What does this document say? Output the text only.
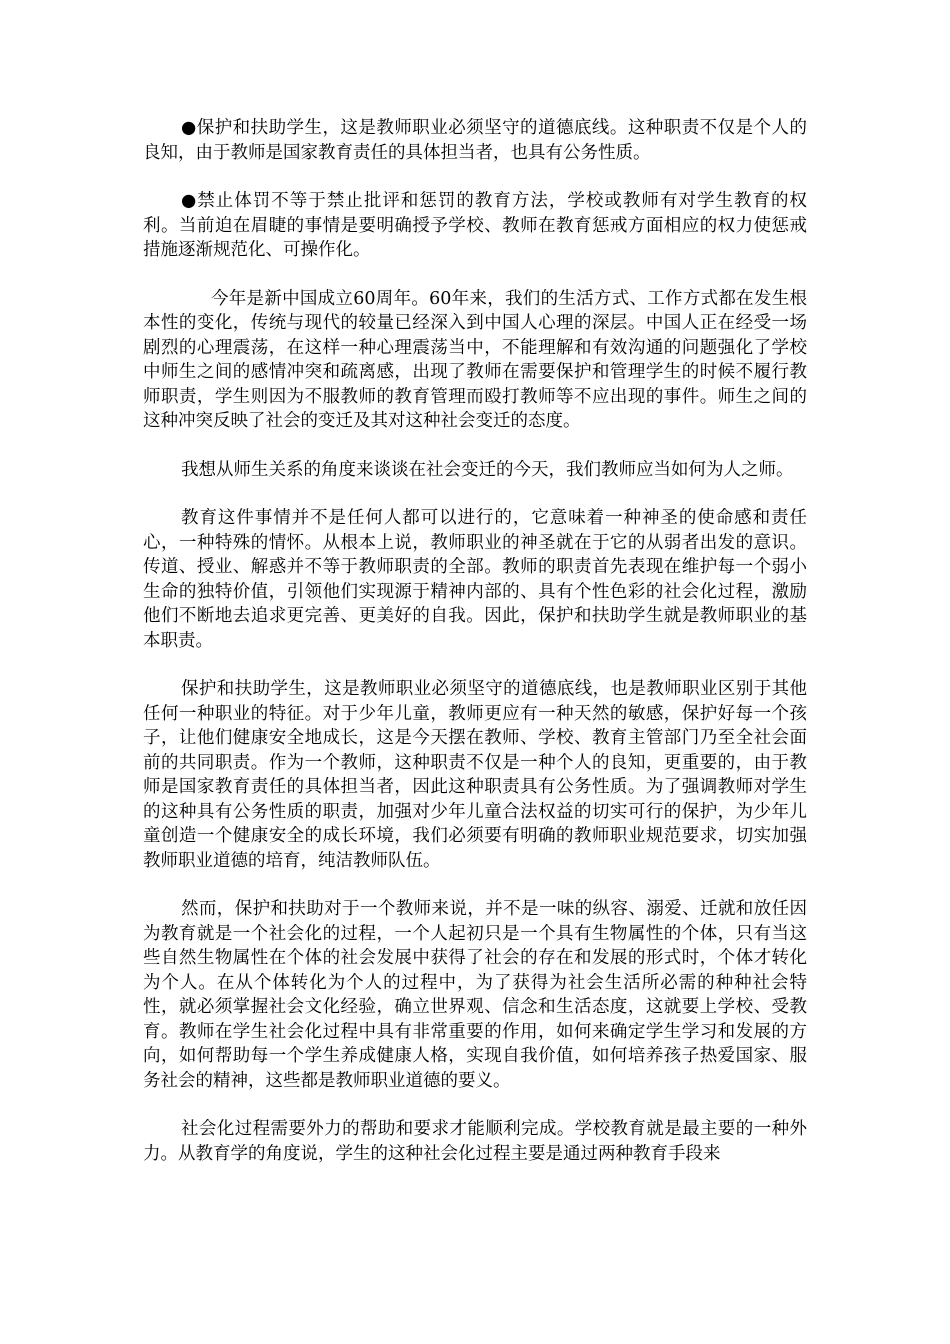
●保护和扶助学生，这是教师职业必须坚守的道德底线。这种职责不仅是个人的良知，由于教师是国家教育责任的具体担当者，也具有公务性质。

●禁止体罚不等于禁止批评和惩罚的教育方法，学校或教师有对学生教育的权利。当前迫在眉睫的事情是要明确授予学校、教师在教育惩戒方面相应的权力使惩戒措施逐渐规范化、可操作化。

今年是新中国成立60周年。60年来，我们的生活方式、工作方式都在发生根本性的变化，传统与现代的较量已经深入到中国人心理的深层。中国人正在经受一场剧烈的心理震荡，在这样一种心理震荡当中，不能理解和有效沟通的问题强化了学校中师生之间的感情冲突和疏离感，出现了教师在需要保护和管理学生的时候不履行教师职责，学生则因为不服教师的教育管理而殴打教师等不应出现的事件。师生之间的这种冲突反映了社会的变迁及其对这种社会变迁的态度。

我想从师生关系的角度来谈谈在社会变迁的今天，我们教师应当如何为人之师。

教育这件事情并不是任何人都可以进行的，它意味着一种神圣的使命感和责任心，一种特殊的情怀。从根本上说，教师职业的神圣就在于它的从弱者出发的意识。传道、授业、解惑并不等于教师职责的全部。教师的职责首先表现在维护每一个弱小生命的独特价值，引领他们实现源于精神内部的、具有个性色彩的社会化过程，激励他们不断地去追求更完善、更美好的自我。因此，保护和扶助学生就是教师职业的基本职责。

保护和扶助学生，这是教师职业必须坚守的道德底线，也是教师职业区别于其他任何一种职业的特征。对于少年儿童，教师更应有一种天然的敏感，保护好每一个孩子，让他们健康安全地成长，这是今天摆在教师、学校、教育主管部门乃至全社会面前的共同职责。作为一个教师，这种职责不仅是一种个人的良知，更重要的，由于教师是国家教育责任的具体担当者，因此这种职责具有公务性质。为了强调教师对学生的这种具有公务性质的职责，加强对少年儿童合法权益的切实可行的保护，为少年儿童创造一个健康安全的成长环境，我们必须要有明确的教师职业规范要求，切实加强教师职业道德的培育，纯洁教师队伍。

然而，保护和扶助对于一个教师来说，并不是一味的纵容、溺爱、迁就和放任因为教育就是一个社会化的过程，一个人起初只是一个具有生物属性的个体，只有当这些自然生物属性在个体的社会发展中获得了社会的存在和发展的形式时，个体才转化为个人。在从个体转化为个人的过程中，为了获得为社会生活所必需的种种社会特性，就必须掌握社会文化经验，确立世界观、信念和生活态度，这就要上学校、受教育。教师在学生社会化过程中具有非常重要的作用，如何来确定学生学习和发展的方向，如何帮助每一个学生养成健康人格，实现自我价值，如何培养孩子热爱国家、服务社会的精神，这些都是教师职业道德的要义。

社会化过程需要外力的帮助和要求才能顺利完成。学校教育就是最主要的一种外力。从教育学的角度说，学生的这种社会化过程主要是通过两种教育手段来
